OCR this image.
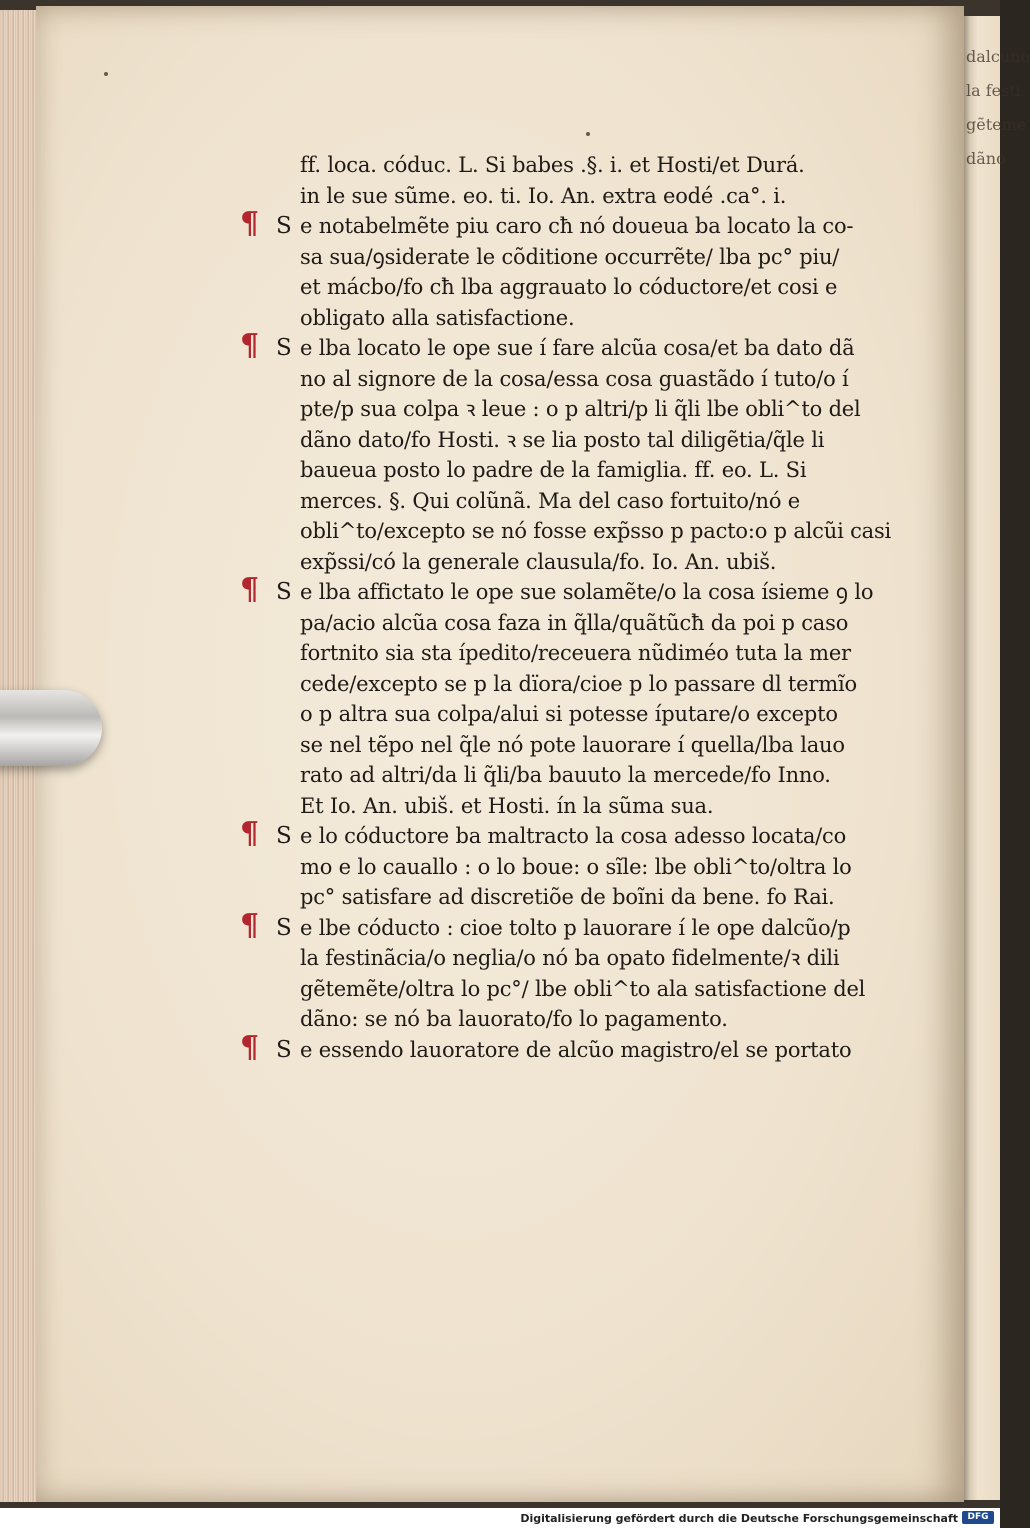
ff. loca. códuc. L. Si babes .§. i. et Hosti/et Durá.
in le sue sũme. eo. ti. Io. An. extra eodé .ca°. i.
¶ S e notabelmẽte piu caro cħ nó doueua ba locato la co-
sa sua/ꝯsiderate le cõditione occurrẽte/ lba pc° piu/
et mácbo/fo cħ lba aggrauato lo cóductore/et cosi e
obligato alla satisfactione.
¶ S e lba locato le ope sue í fare alcũa cosa/et ba dato dã
no al signore de la cosa/essa cosa guastãdo í tuto/o í
pte/p sua colpa ꝛ leue : o p altri/p li q̃li lbe obli^to del
dãno dato/fo Hosti. ꝛ se lia posto tal diligẽtia/q̃le li
baueua posto lo padre de la famiglia. ff. eo. L. Si
merces. §. Qui colũnã. Ma del caso fortuito/nó e
obli^to/excepto se nó fosse exp̃sso p pacto:o p alcũi casi
exp̃ssi/có la generale clausula/fo. Io. An. ubiš.
¶ S e lba affictato le ope sue solamẽte/o la cosa ísieme ꝯ lo
pa/acio alcũa cosa faza in q̃lla/quãtũcħ da poi p caso
fortnito sia sta ípedito/receuera nũdiméo tuta la mer
cede/excepto se p la dïora/cioe p lo passare dl termĩo
o p altra sua colpa/alui si potesse íputare/o excepto
se nel tẽpo nel q̃le nó pote lauorare í quella/lba lauo
rato ad altri/da li q̃li/ba bauuto la mercede/fo Inno.
Et Io. An. ubiš. et Hosti. ín la sũma sua.
¶ S e lo cóductore ba maltracto la cosa adesso locata/co
mo e lo cauallo : o lo boue: o sĩle: lbe obli^to/oltra lo
pc° satisfare ad discretiõe de boĩni da bene. fo Rai.
¶ S e lbe códucto : cioe tolto p lauorare í le ope dalcũo/p
la festinãcia/o neglia/o nó ba opato fidelmente/ꝛ dili
gẽtemẽte/oltra lo pc°/ lbe obli^to ala satisfactione del
dãno: se nó ba lauorato/fo lo pagamento.
¶ S e essendo lauoratore de alcũo magistro/el se portato
Digitalisierung gefördert durch die Deutsche Forschungsgemeinschaft	DFG
dalcuno
la festi
gẽteme
dãno
